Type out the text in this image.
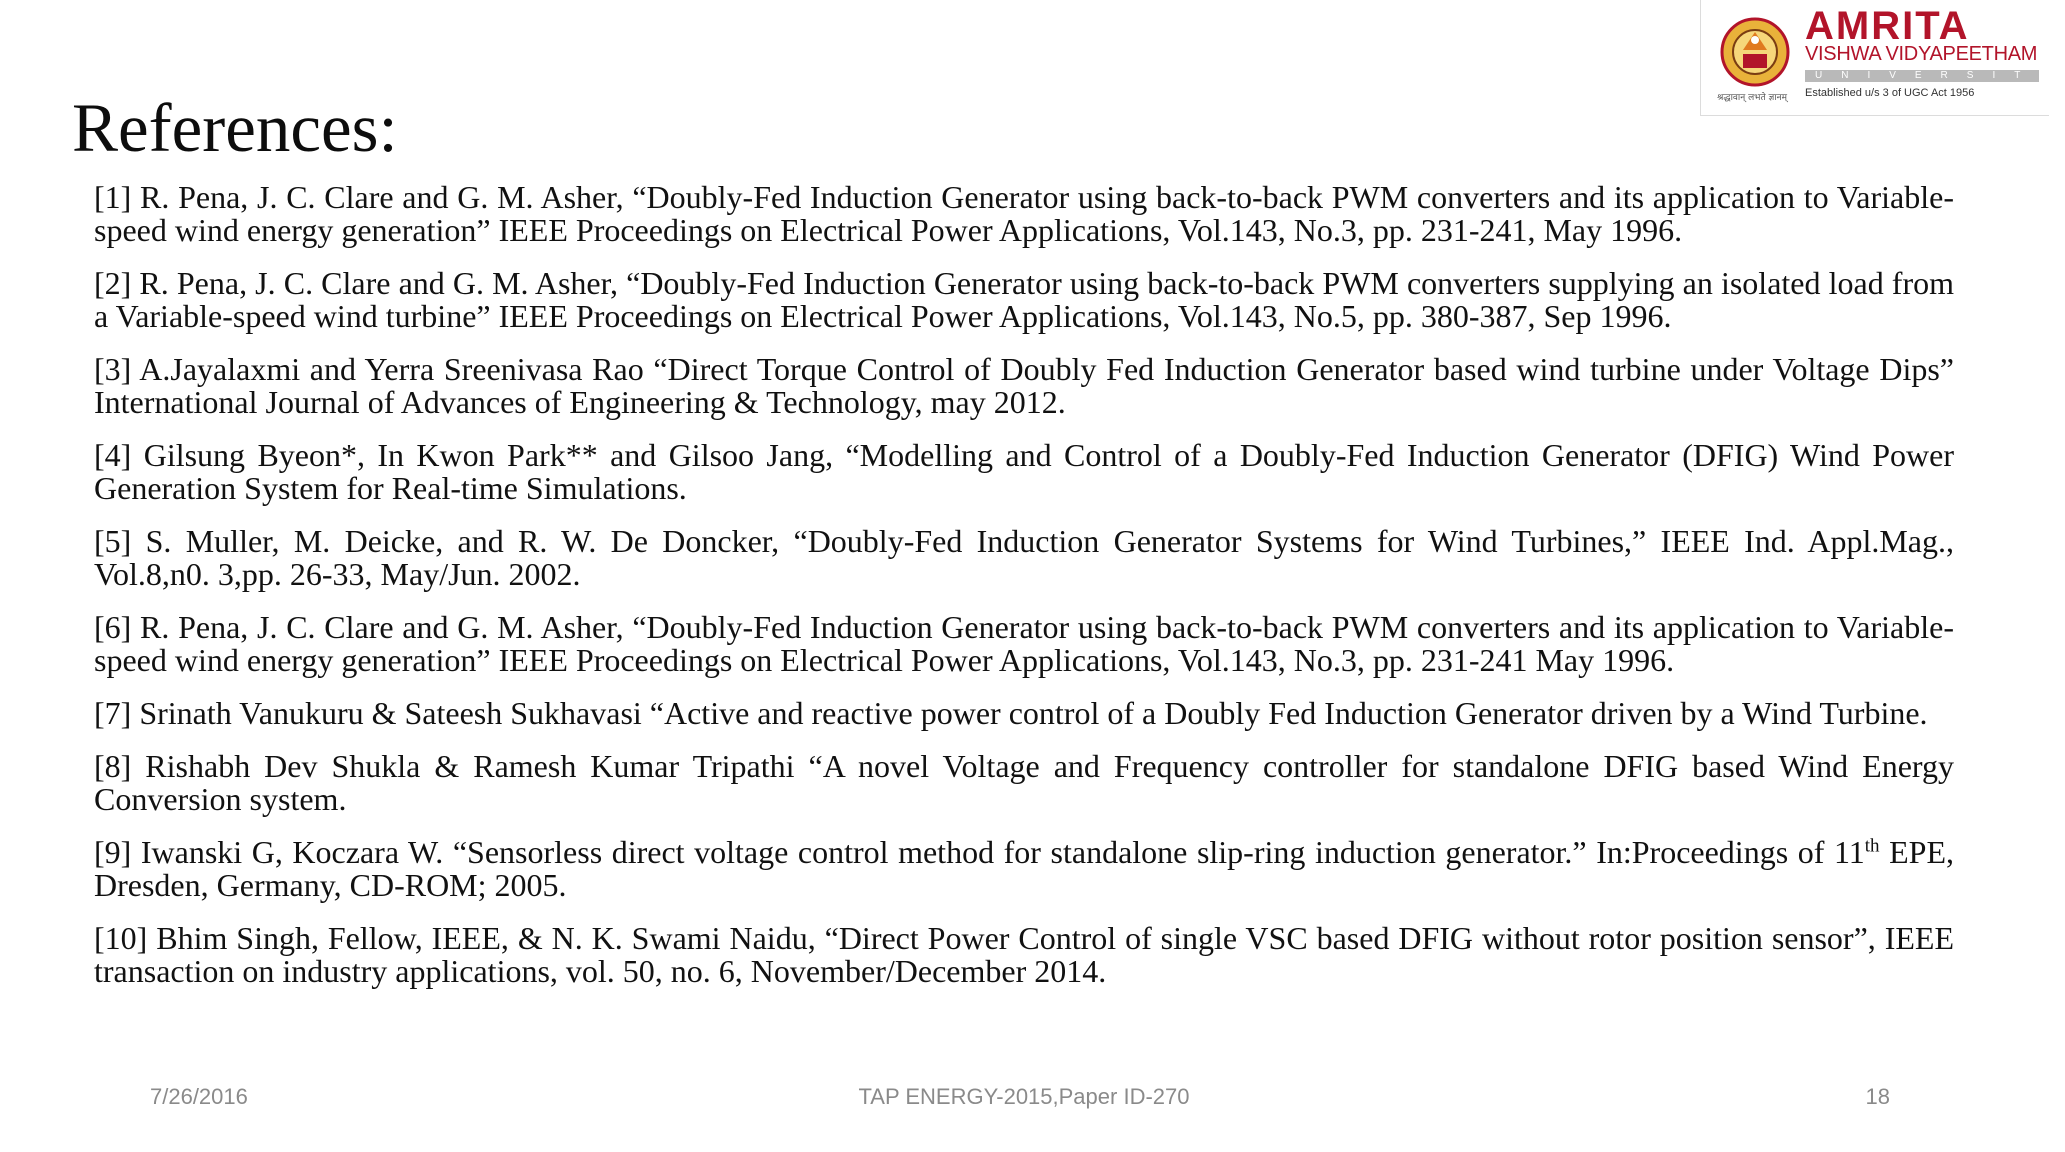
श्रद्धावान् लभते ज्ञानम्
AMRITA
VISHWA VIDYAPEETHAM
UNIVERSITY
Established u/s 3 of UGC Act 1956
References:

[1] R. Pena, J. C. Clare and G. M. Asher, “Doubly-Fed Induction Generator using back-to-back PWM converters and its application to Variable-speed wind energy generation” IEEE Proceedings on Electrical Power Applications, Vol.143, No.3, pp. 231-241, May 1996.

[2] R. Pena, J. C. Clare and G. M. Asher, “Doubly-Fed Induction Generator using back-to-back PWM converters supplying an isolated load from a Variable-speed wind turbine” IEEE Proceedings on Electrical Power Applications, Vol.143, No.5, pp. 380-387, Sep 1996.

[3] A.Jayalaxmi and Yerra Sreenivasa Rao “Direct Torque Control of Doubly Fed Induction Generator based wind turbine under Voltage Dips” International Journal of Advances of Engineering & Technology, may 2012.

[4] Gilsung Byeon*, In Kwon Park** and Gilsoo Jang, “Modelling and Control of a Doubly-Fed Induction Generator (DFIG) Wind Power Generation System for Real-time Simulations.

[5] S. Muller, M. Deicke, and R. W. De Doncker, “Doubly-Fed Induction Generator Systems for Wind Turbines,” IEEE Ind. Appl.Mag., Vol.8,n0. 3,pp. 26-33, May/Jun. 2002.

[6] R. Pena, J. C. Clare and G. M. Asher, “Doubly-Fed Induction Generator using back-to-back PWM converters and its application to Variable-speed wind energy generation” IEEE Proceedings on Electrical Power Applications, Vol.143, No.3, pp. 231-241 May 1996.

[7] Srinath Vanukuru & Sateesh Sukhavasi “Active and reactive power control of a Doubly Fed Induction Generator driven by a Wind Turbine.

[8] Rishabh Dev Shukla & Ramesh Kumar Tripathi “A novel Voltage and Frequency controller for standalone DFIG based Wind Energy Conversion system.

[9] Iwanski G, Koczara W. “Sensorless direct voltage control method for standalone slip-ring induction generator.” In:Proceedings of 11th EPE, Dresden, Germany, CD-ROM; 2005.

[10] Bhim Singh, Fellow, IEEE, & N. K. Swami Naidu, “Direct Power Control of single VSC based DFIG without rotor position sensor”, IEEE transaction on industry applications, vol. 50, no. 6, November/December 2014.

7/26/2016	TAP ENERGY-2015,Paper ID-270	18
